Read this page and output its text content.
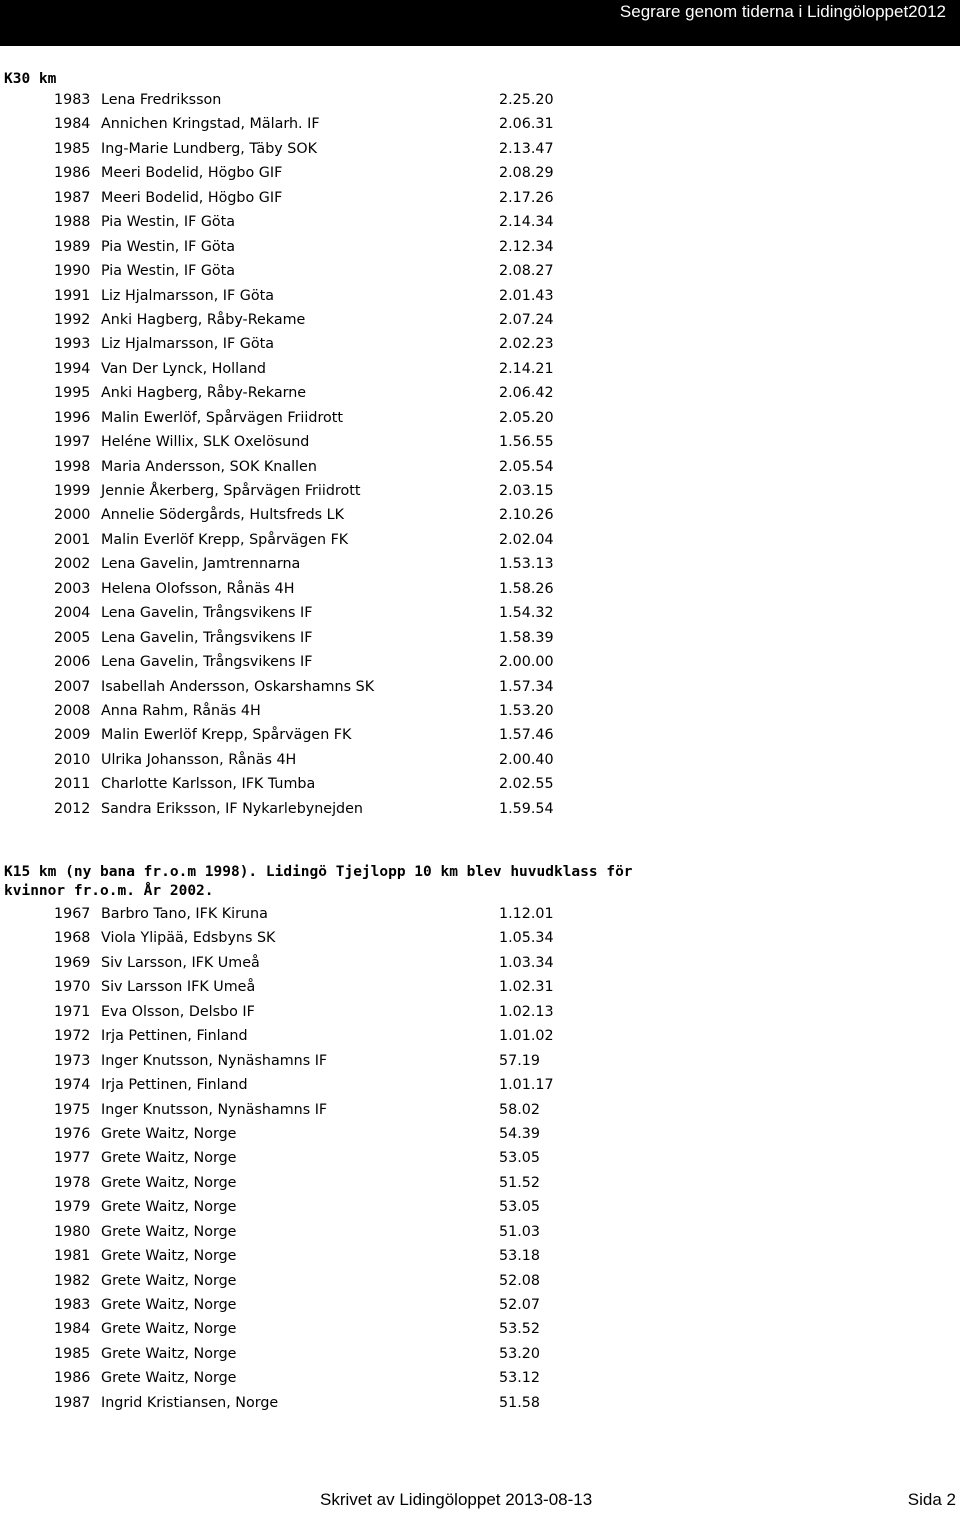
Segrare genom tiderna i Lidingöloppet2012
K30 km
1983 Lena Fredriksson	2.25.20
1984 Annichen Kringstad, Mälarh. IF	2.06.31
1985 Ing-Marie Lundberg, Täby SOK	2.13.47
1986 Meeri Bodelid, Högbo GIF	2.08.29
1987 Meeri Bodelid, Högbo GIF	2.17.26
1988 Pia Westin, IF Göta	2.14.34
1989 Pia Westin, IF Göta	2.12.34
1990 Pia Westin, IF Göta	2.08.27
1991 Liz Hjalmarsson, IF Göta	2.01.43
1992 Anki Hagberg, Råby-Rekame	2.07.24
1993 Liz Hjalmarsson, IF Göta	2.02.23
1994 Van Der Lynck, Holland	2.14.21
1995 Anki Hagberg, Råby-Rekarne	2.06.42
1996 Malin Ewerlöf, Spårvägen Friidrott	2.05.20
1997 Heléne Willix, SLK Oxelösund	1.56.55
1998 Maria Andersson, SOK Knallen	2.05.54
1999 Jennie Åkerberg, Spårvägen Friidrott	2.03.15
2000 Annelie Södergårds, Hultsfreds LK	2.10.26
2001 Malin Everlöf Krepp, Spårvägen FK	2.02.04
2002 Lena Gavelin, Jamtrennarna	1.53.13
2003 Helena Olofsson, Rånäs 4H	1.58.26
2004 Lena Gavelin, Trångsvikens IF	1.54.32
2005 Lena Gavelin, Trångsvikens IF	1.58.39
2006 Lena Gavelin, Trångsvikens IF	2.00.00
2007 Isabellah Andersson, Oskarshamns SK	1.57.34
2008 Anna Rahm, Rånäs 4H	1.53.20
2009 Malin Ewerlöf Krepp, Spårvägen FK	1.57.46
2010 Ulrika Johansson, Rånäs 4H	2.00.40
2011 Charlotte Karlsson, IFK Tumba	2.02.55
2012 Sandra Eriksson, IF Nykarlebynejden	1.59.54
K15 km (ny bana fr.o.m 1998). Lidingö Tjejlopp 10 km blev huvudklass för
kvinnor fr.o.m. År 2002.
1967 Barbro Tano, IFK Kiruna	1.12.01
1968 Viola Ylipää, Edsbyns SK	1.05.34
1969 Siv Larsson, IFK Umeå	1.03.34
1970 Siv Larsson IFK Umeå	1.02.31
1971 Eva Olsson, Delsbo IF	1.02.13
1972 Irja Pettinen, Finland	1.01.02
1973 Inger Knutsson, Nynäshamns IF	57.19
1974 Irja Pettinen, Finland	1.01.17
1975 Inger Knutsson, Nynäshamns IF	58.02
1976 Grete Waitz, Norge	54.39
1977 Grete Waitz, Norge	53.05
1978 Grete Waitz, Norge	51.52
1979 Grete Waitz, Norge	53.05
1980 Grete Waitz, Norge	51.03
1981 Grete Waitz, Norge	53.18
1982 Grete Waitz, Norge	52.08
1983 Grete Waitz, Norge	52.07
1984 Grete Waitz, Norge	53.52
1985 Grete Waitz, Norge	53.20
1986 Grete Waitz, Norge	53.12
1987 Ingrid Kristiansen, Norge	51.58
Skrivet av Lidingöloppet 2013-08-13	Sida 2
